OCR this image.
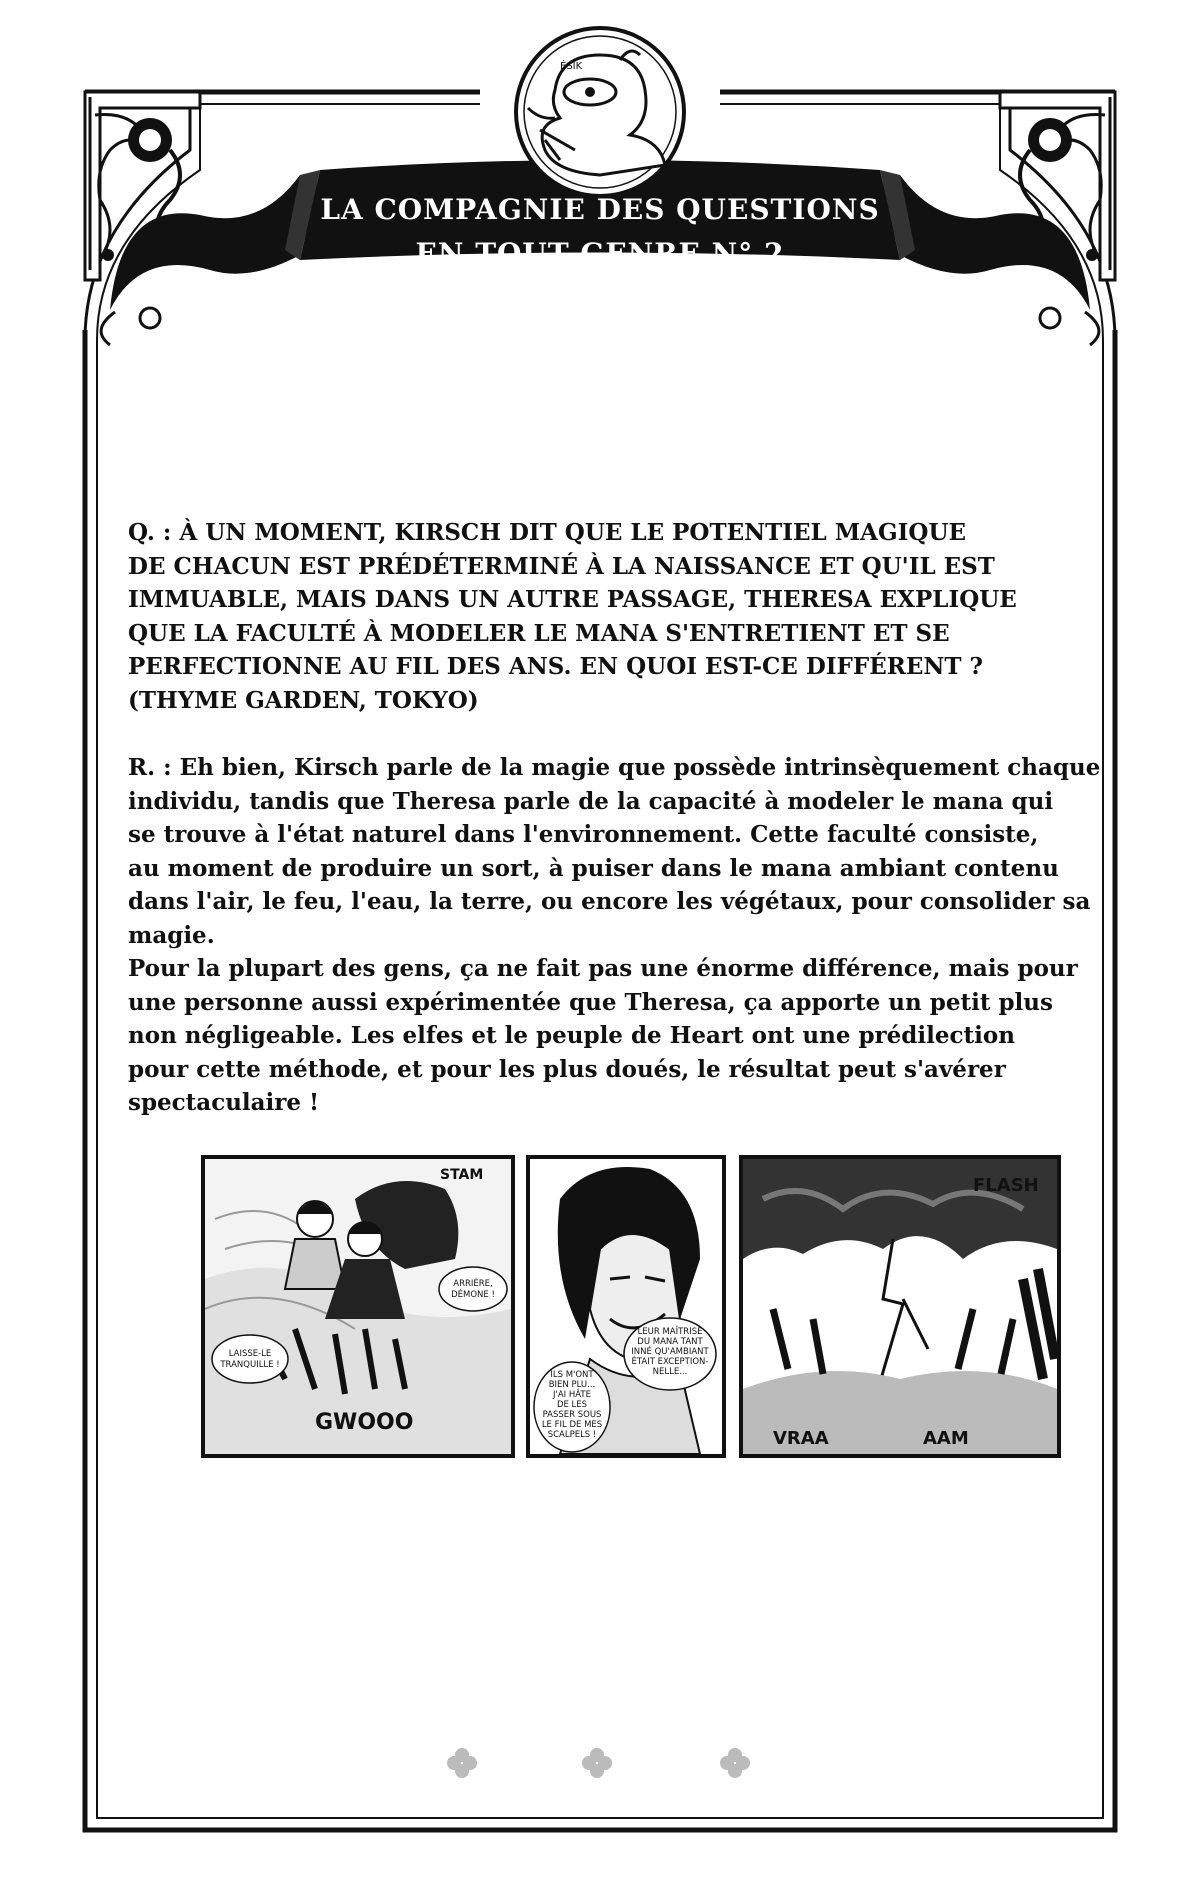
ÉSIK
LA COMPAGNIE DES QUESTIONS
EN TOUT GENRE N° 2

Q. : À UN MOMENT, KIRSCH DIT QUE LE POTENTIEL MAGIQUE
DE CHACUN EST PRÉDÉTERMINÉ À LA NAISSANCE ET QU'IL EST
IMMUABLE, MAIS DANS UN AUTRE PASSAGE, THERESA EXPLIQUE
QUE LA FACULTÉ À MODELER LE MANA S'ENTRETIENT ET SE
PERFECTIONNE AU FIL DES ANS. EN QUOI EST-CE DIFFÉRENT ?
(THYME GARDEN, TOKYO)

R. : Eh bien, Kirsch parle de la magie que possède intrinsèquement chaque
individu, tandis que Theresa parle de la capacité à modeler le mana qui
se trouve à l'état naturel dans l'environnement. Cette faculté consiste,
au moment de produire un sort, à puiser dans le mana ambiant contenu
dans l'air, le feu, l'eau, la terre, ou encore les végétaux, pour consolider sa
magie.
Pour la plupart des gens, ça ne fait pas une énorme différence, mais pour
une personne aussi expérimentée que Theresa, ça apporte un petit plus
non négligeable. Les elfes et le peuple de Heart ont une prédilection
pour cette méthode, et pour les plus doués, le résultat peut s'avérer
spectaculaire !

STAM
GWOOO
LAISSE-LE
TRANQUILLE !
ARRIÈRE,
DÉMONE !
ILS M'ONT
BIEN PLU...
J'AI HÂTE
DE LES
PASSER SOUS
LE FIL DE MES
SCALPELS !
LEUR MAÎTRISE
DU MANA TANT
INNÉ QU'AMBIANT
ÉTAIT EXCEPTION-
NELLE...
FLASH
VRAA	AAM
